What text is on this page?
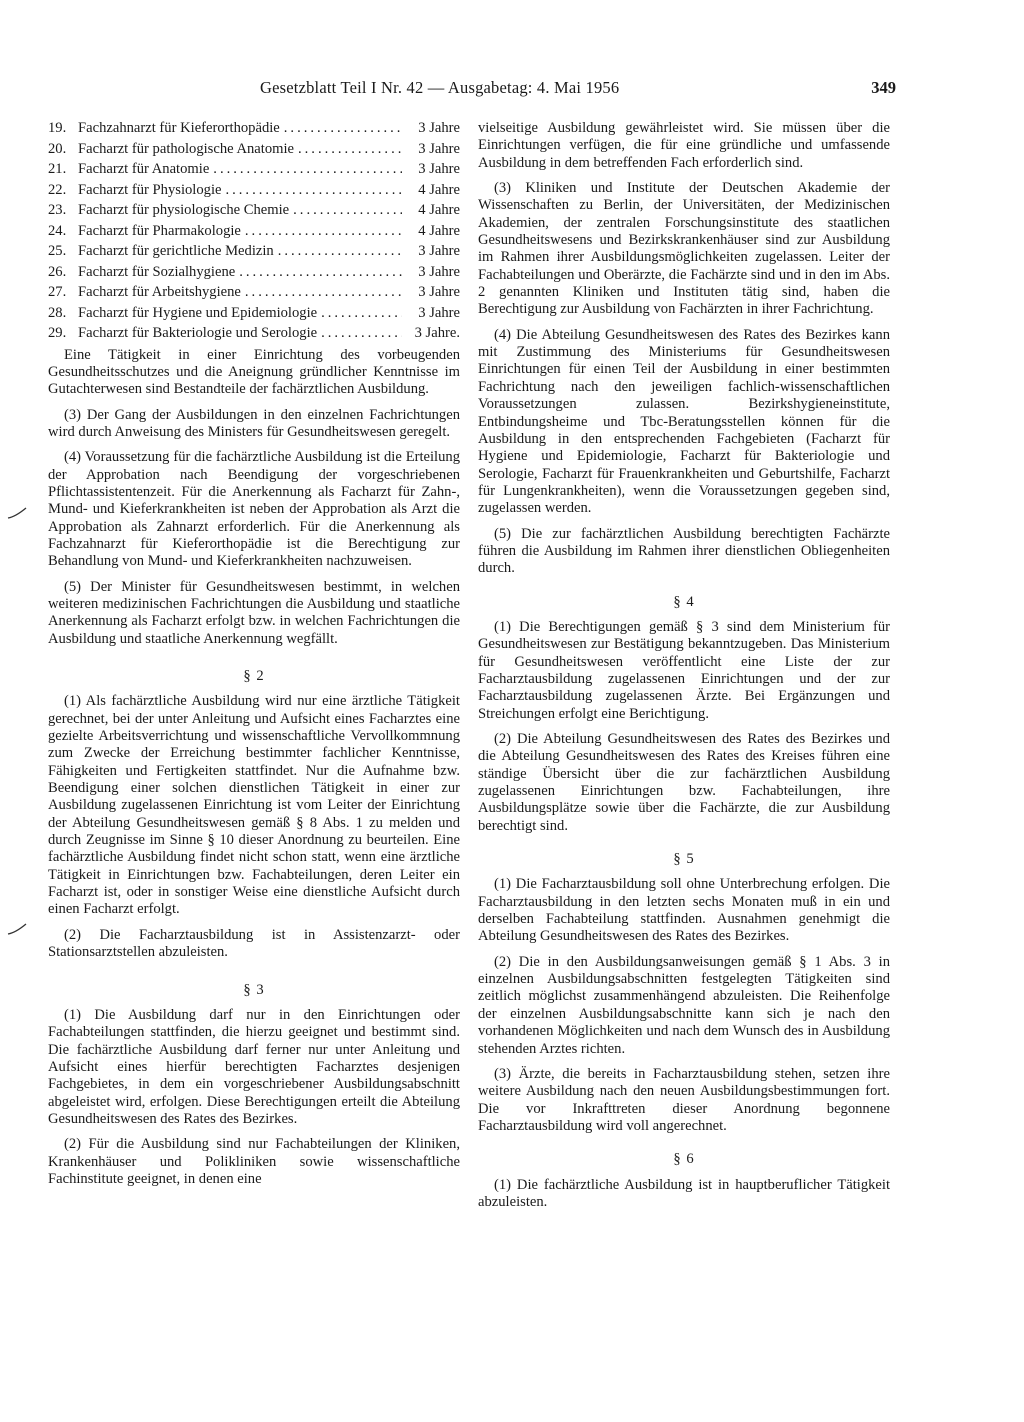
Gesetzblatt Teil I Nr. 42 — Ausgabetag: 4. Mai 1956	349
19. Fachzahnarzt für Kieferorthopädie .....	3 Jahre
20. Facharzt für pathologische Anatomie .....	3 Jahre
21. Facharzt für Anatomie .....	3 Jahre
22. Facharzt für Physiologie .....	4 Jahre
23. Facharzt für physiologische Chemie .....	4 Jahre
24. Facharzt für Pharmakologie .....	4 Jahre
25. Facharzt für gerichtliche Medizin .....	3 Jahre
26. Facharzt für Sozialhygiene .....	3 Jahre
27. Facharzt für Arbeitshygiene .....	3 Jahre
28. Facharzt für Hygiene und Epidemiologie .....	3 Jahre
29. Facharzt für Bakteriologie und Serologie .....	3 Jahre.

Eine Tätigkeit in einer Einrichtung des vorbeugenden Gesundheitsschutzes und die Aneignung gründlicher Kenntnisse im Gutachterwesen sind Bestandteile der fachärztlichen Ausbildung.

(3) Der Gang der Ausbildungen in den einzelnen Fachrichtungen wird durch Anweisung des Ministers für Gesundheitswesen geregelt.

(4) Voraussetzung für die fachärztliche Ausbildung ist die Erteilung der Approbation nach Beendigung der vorgeschriebenen Pflichtassistentenzeit. Für die Anerkennung als Facharzt für Zahn-, Mund- und Kieferkrankheiten ist neben der Approbation als Arzt die Approbation als Zahnarzt erforderlich. Für die Anerkennung als Fachzahnarzt für Kieferorthopädie ist die Berechtigung zur Behandlung von Mund- und Kieferkrankheiten nachzuweisen.

(5) Der Minister für Gesundheitswesen bestimmt, in welchen weiteren medizinischen Fachrichtungen die Ausbildung und staatliche Anerkennung als Facharzt erfolgt bzw. in welchen Fachrichtungen die Ausbildung und staatliche Anerkennung wegfällt.

§ 2

(1) Als fachärztliche Ausbildung wird nur eine ärztliche Tätigkeit gerechnet, bei der unter Anleitung und Aufsicht eines Facharztes eine gezielte Arbeitsverrichtung und wissenschaftliche Vervollkommnung zum Zwecke der Erreichung bestimmter fachlicher Kenntnisse, Fähigkeiten und Fertigkeiten stattfindet. Nur die Aufnahme bzw. Beendigung einer solchen dienstlichen Tätigkeit in einer zur Ausbildung zugelassenen Einrichtung ist vom Leiter der Einrichtung der Abteilung Gesundheitswesen gemäß § 8 Abs. 1 zu melden und durch Zeugnisse im Sinne § 10 dieser Anordnung zu beurteilen. Eine fachärztliche Ausbildung findet nicht schon statt, wenn eine ärztliche Tätigkeit in Einrichtungen bzw. Fachabteilungen, deren Leiter ein Facharzt ist, oder in sonstiger Weise eine dienstliche Aufsicht durch einen Facharzt erfolgt.

(2) Die Facharztausbildung ist in Assistenzarzt- oder Stationsarztstellen abzuleisten.

§ 3

(1) Die Ausbildung darf nur in den Einrichtungen oder Fachabteilungen stattfinden, die hierzu geeignet und bestimmt sind. Die fachärztliche Ausbildung darf ferner nur unter Anleitung und Aufsicht eines hierfür berechtigten Facharztes desjenigen Fachgebietes, in dem ein vorgeschriebener Ausbildungsabschnitt abgeleistet wird, erfolgen. Diese Berechtigungen erteilt die Abteilung Gesundheitswesen des Rates des Bezirkes.

(2) Für die Ausbildung sind nur Fachabteilungen der Kliniken, Krankenhäuser und Polikliniken sowie wissenschaftliche Fachinstitute geeignet, in denen eine

vielseitige Ausbildung gewährleistet wird. Sie müssen über die Einrichtungen verfügen, die für eine gründliche und umfassende Ausbildung in dem betreffenden Fach erforderlich sind.

(3) Kliniken und Institute der Deutschen Akademie der Wissenschaften zu Berlin, der Universitäten, der Medizinischen Akademien, der zentralen Forschungsinstitute des staatlichen Gesundheitswesens und Bezirkskrankenhäuser sind zur Ausbildung im Rahmen ihrer Ausbildungsmöglichkeiten zugelassen. Leiter der Fachabteilungen und Oberärzte, die Fachärzte sind und in den im Abs. 2 genannten Kliniken und Instituten tätig sind, haben die Berechtigung zur Ausbildung von Fachärzten in ihrer Fachrichtung.

(4) Die Abteilung Gesundheitswesen des Rates des Bezirkes kann mit Zustimmung des Ministeriums für Gesundheitswesen Einrichtungen für einen Teil der Ausbildung in einer bestimmten Fachrichtung nach den jeweiligen fachlich-wissenschaftlichen Voraussetzungen zulassen. Bezirkshygieneinstitute, Entbindungsheime und Tbc-Beratungsstellen können für die Ausbildung in den entsprechenden Fachgebieten (Facharzt für Hygiene und Epidemiologie, Facharzt für Bakteriologie und Serologie, Facharzt für Frauenkrankheiten und Geburtshilfe, Facharzt für Lungenkrankheiten), wenn die Voraussetzungen gegeben sind, zugelassen werden.

(5) Die zur fachärztlichen Ausbildung berechtigten Fachärzte führen die Ausbildung im Rahmen ihrer dienstlichen Obliegenheiten durch.

§ 4

(1) Die Berechtigungen gemäß § 3 sind dem Ministerium für Gesundheitswesen zur Bestätigung bekanntzugeben. Das Ministerium für Gesundheitswesen veröffentlicht eine Liste der zur Facharztausbildung zugelassenen Einrichtungen und der zur Facharztausbildung zugelassenen Ärzte. Bei Ergänzungen und Streichungen erfolgt eine Berichtigung.

(2) Die Abteilung Gesundheitswesen des Rates des Bezirkes und die Abteilung Gesundheitswesen des Rates des Kreises führen eine ständige Übersicht über die zur fachärztlichen Ausbildung zugelassenen Einrichtungen bzw. Fachabteilungen, ihre Ausbildungsplätze sowie über die Fachärzte, die zur Ausbildung berechtigt sind.

§ 5

(1) Die Facharztausbildung soll ohne Unterbrechung erfolgen. Die Facharztausbildung in den letzten sechs Monaten muß in ein und derselben Fachabteilung stattfinden. Ausnahmen genehmigt die Abteilung Gesundheitswesen des Rates des Bezirkes.

(2) Die in den Ausbildungsanweisungen gemäß § 1 Abs. 3 in einzelnen Ausbildungsabschnitten festgelegten Tätigkeiten sind zeitlich möglichst zusammenhängend abzuleisten. Die Reihenfolge der einzelnen Ausbildungsabschnitte kann sich je nach den vorhandenen Möglichkeiten und nach dem Wunsch des in Ausbildung stehenden Arztes richten.

(3) Ärzte, die bereits in Facharztausbildung stehen, setzen ihre weitere Ausbildung nach den neuen Ausbildungsbestimmungen fort. Die vor Inkrafttreten dieser Anordnung begonnene Facharztausbildung wird voll angerechnet.

§ 6

(1) Die fachärztliche Ausbildung ist in hauptberuflicher Tätigkeit abzuleisten.
